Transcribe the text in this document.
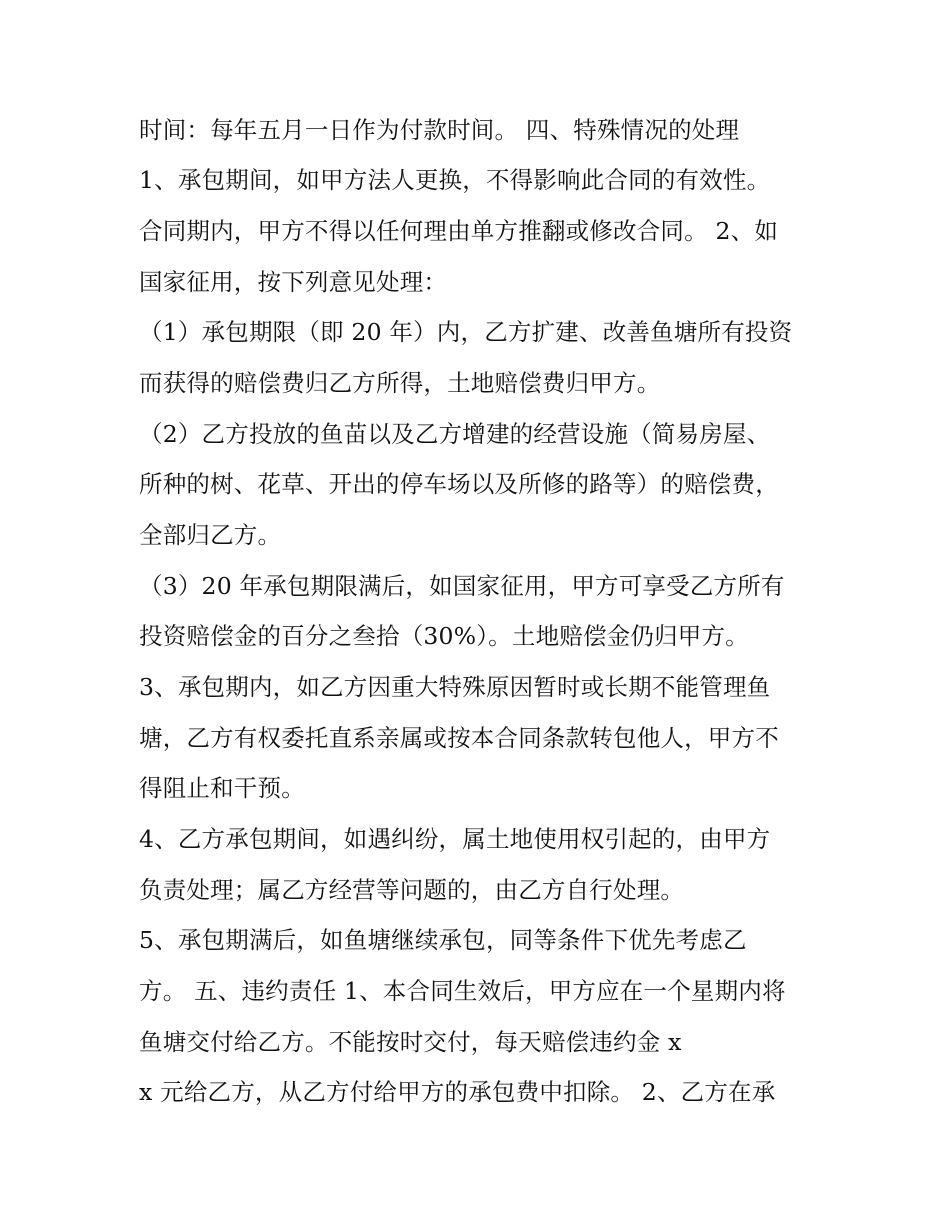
时间：每年五月一日作为付款时间。 四、特殊情况的处理
1、承包期间，如甲方法人更换，不得影响此合同的有效性。
合同期内，甲方不得以任何理由单方推翻或修改合同。 2、如
国家征用，按下列意见处理：
（1）承包期限（即 20 年）内，乙方扩建、改善鱼塘所有投资
而获得的赔偿费归乙方所得，土地赔偿费归甲方。
（2）乙方投放的鱼苗以及乙方增建的经营设施（简易房屋、
所种的树、花草、开出的停车场以及所修的路等）的赔偿费，
全部归乙方。
（3）20 年承包期限满后，如国家征用，甲方可享受乙方所有
投资赔偿金的百分之叁拾（30%）。土地赔偿金仍归甲方。
3、承包期内，如乙方因重大特殊原因暂时或长期不能管理鱼
塘，乙方有权委托直系亲属或按本合同条款转包他人，甲方不
得阻止和干预。
4、乙方承包期间，如遇纠纷，属土地使用权引起的，由甲方
负责处理；属乙方经营等问题的，由乙方自行处理。
5、承包期满后，如鱼塘继续承包，同等条件下优先考虑乙
方。 五、违约责任 1、本合同生效后，甲方应在一个星期内将
鱼塘交付给乙方。不能按时交付，每天赔偿违约金 x
x 元给乙方，从乙方付给甲方的承包费中扣除。 2、乙方在承
